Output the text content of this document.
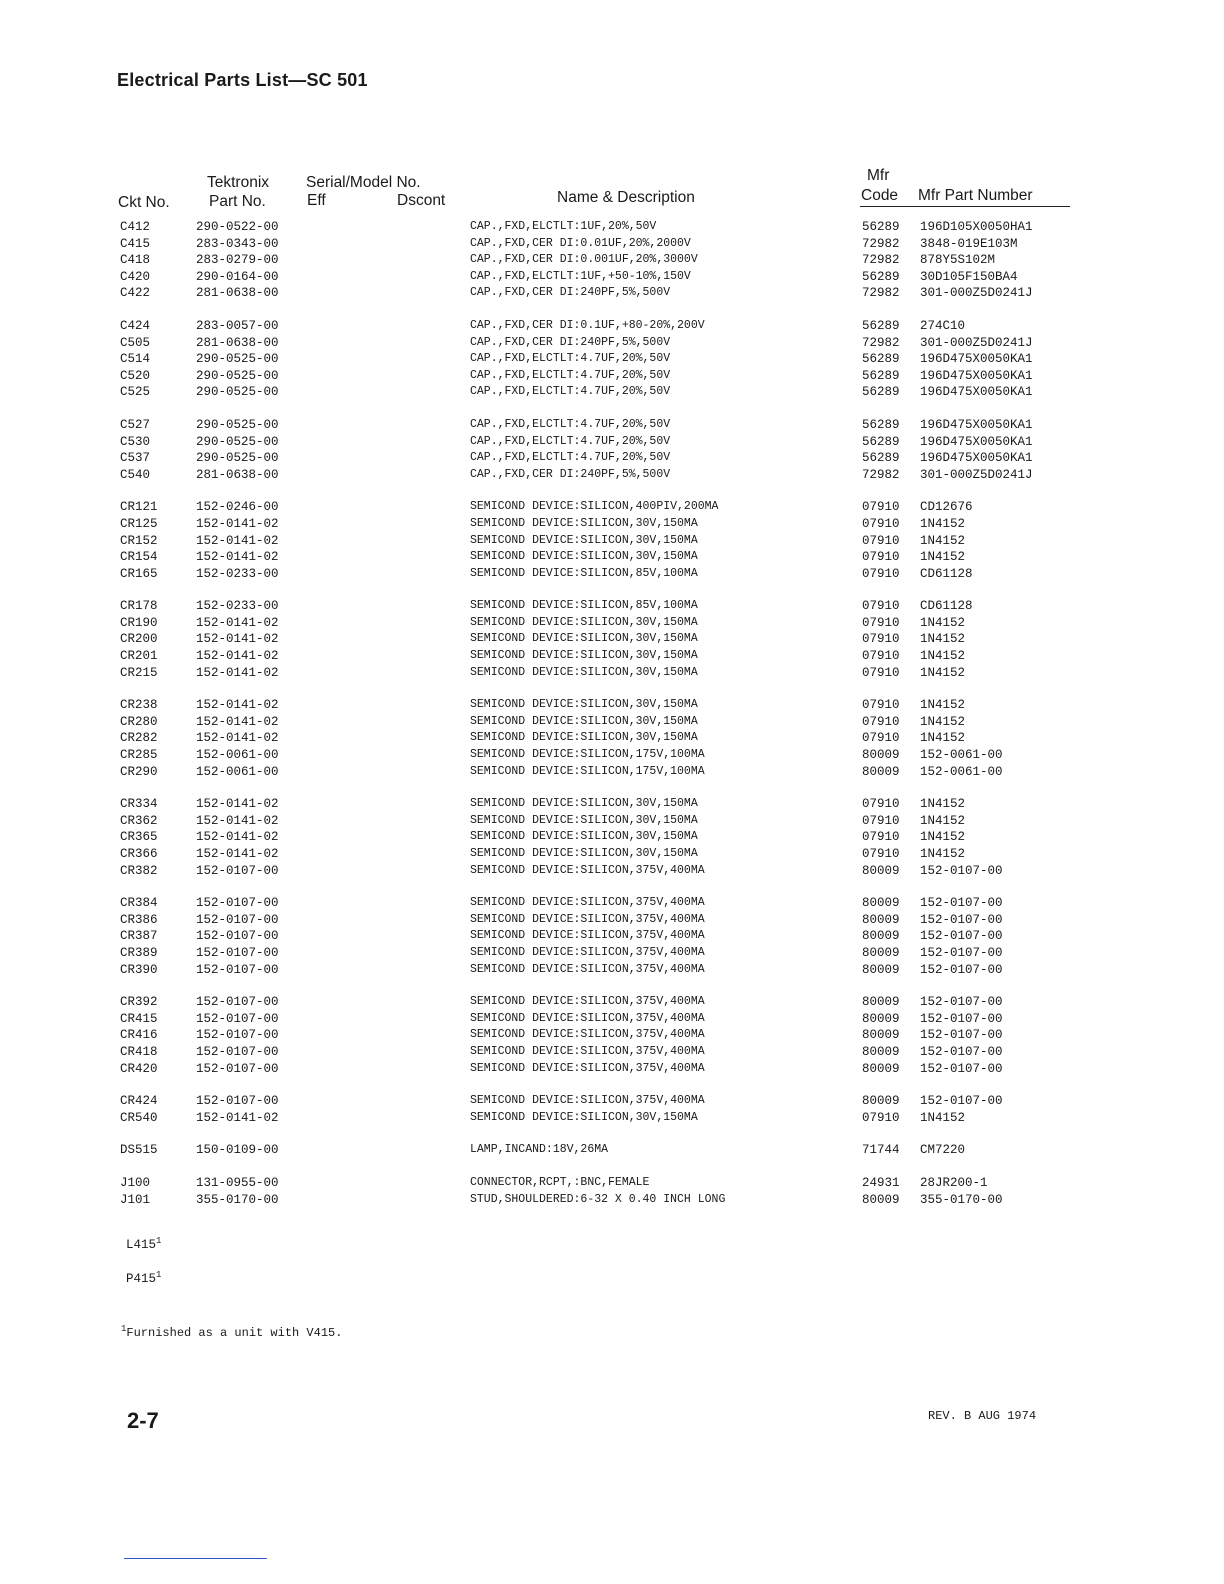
Electrical Parts List—SC 501
Tektronix Serial/Model No.	Mfr
Ckt No.	Part No.	Eff	Dscont	Name & Description	Code Mfr Part Number
C412	290-0522-00	CAP.,FXD,ELCTLT:1UF,20%,50V	56289 196D105X0050HA1
C415	283-0343-00	CAP.,FXD,CER DI:0.01UF,20%,2000V	72982 3848-019E103M
C418	283-0279-00	CAP.,FXD,CER DI:0.001UF,20%,3000V	72982 878Y5S102M
C420	290-0164-00	CAP.,FXD,ELCTLT:1UF,+50-10%,150V	56289 30D105F150BA4
C422	281-0638-00	CAP.,FXD,CER DI:240PF,5%,500V	72982 301-000Z5D0241J
C424	283-0057-00	CAP.,FXD,CER DI:0.1UF,+80-20%,200V	56289 274C10
C505	281-0638-00	CAP.,FXD,CER DI:240PF,5%,500V	72982 301-000Z5D0241J
C514	290-0525-00	CAP.,FXD,ELCTLT:4.7UF,20%,50V	56289 196D475X0050KA1
C520	290-0525-00	CAP.,FXD,ELCTLT:4.7UF,20%,50V	56289 196D475X0050KA1
C525	290-0525-00	CAP.,FXD,ELCTLT:4.7UF,20%,50V	56289 196D475X0050KA1
C527	290-0525-00	CAP.,FXD,ELCTLT:4.7UF,20%,50V	56289 196D475X0050KA1
C530	290-0525-00	CAP.,FXD,ELCTLT:4.7UF,20%,50V	56289 196D475X0050KA1
C537	290-0525-00	CAP.,FXD,ELCTLT:4.7UF,20%,50V	56289 196D475X0050KA1
C540	281-0638-00	CAP.,FXD,CER DI:240PF,5%,500V	72982 301-000Z5D0241J
CR121	152-0246-00	SEMICOND DEVICE:SILICON,400PIV,200MA	07910 CD12676
CR125	152-0141-02	SEMICOND DEVICE:SILICON,30V,150MA	07910 1N4152
CR152	152-0141-02	SEMICOND DEVICE:SILICON,30V,150MA	07910 1N4152
CR154	152-0141-02	SEMICOND DEVICE:SILICON,30V,150MA	07910 1N4152
CR165	152-0233-00	SEMICOND DEVICE:SILICON,85V,100MA	07910 CD61128
CR178	152-0233-00	SEMICOND DEVICE:SILICON,85V,100MA	07910 CD61128
CR190	152-0141-02	SEMICOND DEVICE:SILICON,30V,150MA	07910 1N4152
CR200	152-0141-02	SEMICOND DEVICE:SILICON,30V,150MA	07910 1N4152
CR201	152-0141-02	SEMICOND DEVICE:SILICON,30V,150MA	07910 1N4152
CR215	152-0141-02	SEMICOND DEVICE:SILICON,30V,150MA	07910 1N4152
CR238	152-0141-02	SEMICOND DEVICE:SILICON,30V,150MA	07910 1N4152
CR280	152-0141-02	SEMICOND DEVICE:SILICON,30V,150MA	07910 1N4152
CR282	152-0141-02	SEMICOND DEVICE:SILICON,30V,150MA	07910 1N4152
CR285	152-0061-00	SEMICOND DEVICE:SILICON,175V,100MA	80009 152-0061-00
CR290	152-0061-00	SEMICOND DEVICE:SILICON,175V,100MA	80009 152-0061-00
CR334	152-0141-02	SEMICOND DEVICE:SILICON,30V,150MA	07910 1N4152
CR362	152-0141-02	SEMICOND DEVICE:SILICON,30V,150MA	07910 1N4152
CR365	152-0141-02	SEMICOND DEVICE:SILICON,30V,150MA	07910 1N4152
CR366	152-0141-02	SEMICOND DEVICE:SILICON,30V,150MA	07910 1N4152
CR382	152-0107-00	SEMICOND DEVICE:SILICON,375V,400MA	80009 152-0107-00
CR384	152-0107-00	SEMICOND DEVICE:SILICON,375V,400MA	80009 152-0107-00
CR386	152-0107-00	SEMICOND DEVICE:SILICON,375V,400MA	80009 152-0107-00
CR387	152-0107-00	SEMICOND DEVICE:SILICON,375V,400MA	80009 152-0107-00
CR389	152-0107-00	SEMICOND DEVICE:SILICON,375V,400MA	80009 152-0107-00
CR390	152-0107-00	SEMICOND DEVICE:SILICON,375V,400MA	80009 152-0107-00
CR392	152-0107-00	SEMICOND DEVICE:SILICON,375V,400MA	80009 152-0107-00
CR415	152-0107-00	SEMICOND DEVICE:SILICON,375V,400MA	80009 152-0107-00
CR416	152-0107-00	SEMICOND DEVICE:SILICON,375V,400MA	80009 152-0107-00
CR418	152-0107-00	SEMICOND DEVICE:SILICON,375V,400MA	80009 152-0107-00
CR420	152-0107-00	SEMICOND DEVICE:SILICON,375V,400MA	80009 152-0107-00
CR424	152-0107-00	SEMICOND DEVICE:SILICON,375V,400MA	80009 152-0107-00
CR540	152-0141-02	SEMICOND DEVICE:SILICON,30V,150MA	07910 1N4152
DS515	150-0109-00	LAMP,INCAND:18V,26MA	71744 CM7220
J100	131-0955-00	CONNECTOR,RCPT,:BNC,FEMALE	24931 28JR200-1
J101	355-0170-00	STUD,SHOULDERED:6-32 X 0.40 INCH LONG	80009 355-0170-00
$L415^1$
$P415^1$
$^1$Furnished as a unit with V415.
2-7	REV. B AUG 1974
